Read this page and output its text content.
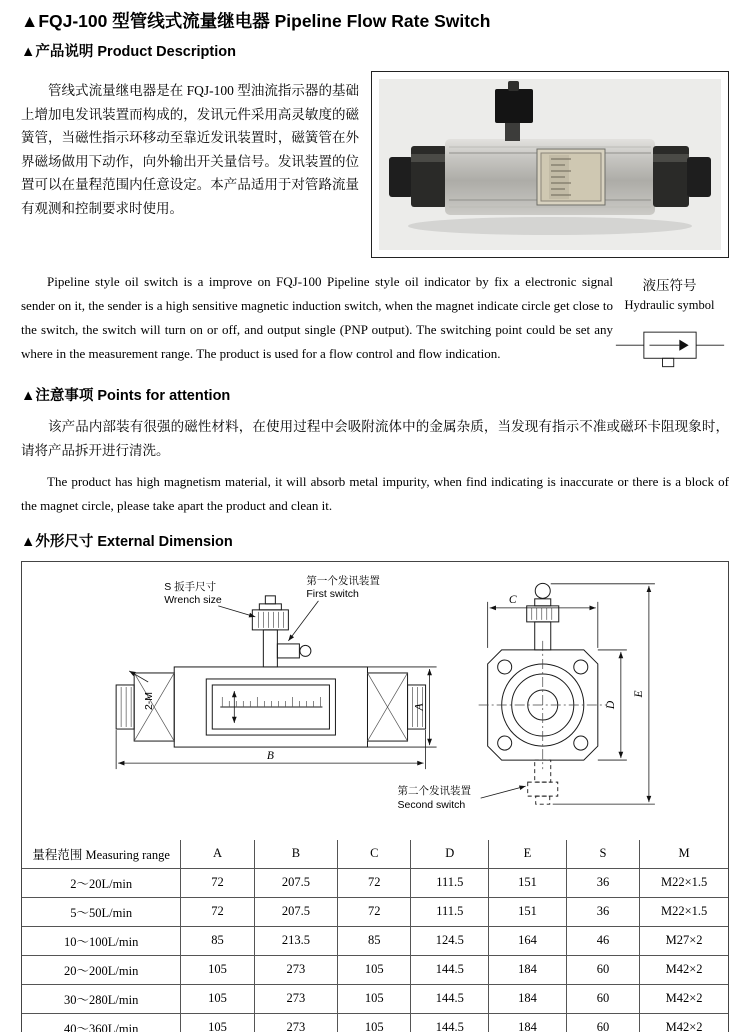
▲FQJ-100 型管线式流量继电器 Pipeline Flow Rate Switch
▲产品说明 Product Description

管线式流量继电器是在 FQJ-100 型油流指示器的基础上增加电发讯装置而构成的，发讯元件采用高灵敏度的磁簧管，当磁性指示环移动至靠近发讯装置时，磁簧管在外界磁场做用下动作，向外输出开关量信号。发讯装置的位置可以在量程范围内任意设定。本产品适用于对管路流量有观测和控制要求时使用。

Pipeline style oil switch is a improve on FQJ-100 Pipeline style oil indicator by fix a electronic signal sender on it, the sender is a high sensitive magnetic induction switch, when the magnet indicate circle get close to the switch, the switch will turn on or off, and output single (PNP output). The switching point could be set any where in the measurement range. The product is used for a flow control and flow indication.

液压符号
Hydraulic symbol
▲注意事项 Points for attention

该产品内部装有很强的磁性材料，在使用过程中会吸附流体中的金属杂质，当发现有指示不准或磁环卡阻现象时，请将产品拆开进行清洗。

The product has high magnetism material, it will absorb metal impurity, when find indicating is inaccurate or there is a block of the magnet circle, please take apart the product and clean it.

▲外形尺寸 External Dimension
2-M
S 扳手尺寸
Wrench size
第一个发讯装置
First switch
A
B
C
D
E
第二个发讯装置
Second switch
量程范围 Measuring range	A	B	C	D	E	S	M
2～20L/min	72	207.5	72	111.5	151	36	M22×1.5
5～50L/min	72	207.5	72	111.5	151	36	M22×1.5
10～100L/min	85	213.5	85	124.5	164	46	M27×2
20～200L/min	105	273	105	144.5	184	60	M42×2
30～280L/min	105	273	105	144.5	184	60	M42×2
40～360L/min	105	273	105	144.5	184	60	M42×2
